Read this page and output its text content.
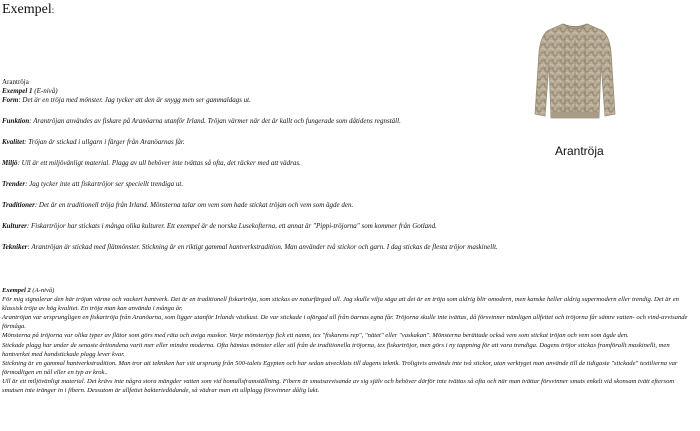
Exempel:

Arantröja

Exempel 1 (E-nivå)

Form: Det är en tröja med mönster. Jag tycker att den är snygg men ser gammaldags ut.

Funktion: Arantröjan användes av fiskare på Aranöarna utanför Irland. Tröjan värmer när det är kallt och fungerade som dåtidens regnställ.

Kvalitet: Tröjan är stickad i ullgarn i färger från Aranöarnas får.

Miljö: Ull är ett miljövänligt material. Plagg av ull behöver inte tvättas så ofta, det räcker med att vädras.

Trender: Jag tycker inte att fiskartröjor ser speciellt trendiga ut.

Traditioner: Det är en traditionell tröja från Irland. Mönsterna talar om vem som hade stickat tröjan och vem som ägde den.

Kulturer: Fiskartröjor har stickats i många olika kulturer. Ett exempel är de norska Lusekofterna, ett annat är "Pippi-tröjorna" som kommer från Gotland.

Tekniker: Arantröjan är stickad med flätmönster. Stickning är en riktigt gammal hantverkstradition. Man använder två stickor och garn. I dag stickas de flesta tröjor maskinellt.

Exempel 2 (A-nivå)

För mig signalerar den här tröjan värme och vackert hantverk. Det är en traditionell fiskartröja, som stickas av naturfärgad ull. Jag skulle vilja säga att det är en tröja som aldrig blir omodern, men kanske heller aldrig supermodern eller trendig. Det är en klassisk tröja av hög kvalitet. En tröja man kan använda i många år.

Arantröjan var ursprungligen en fiskartröja från Aranöarna, som ligger utanför Irlands västkust. De var stickade i ofärgad ull från öarnas egna får. Tröjorna skulle inte tvättas, då försvinner nämligen ullfettet och tröjorna får sämre vatten- och vind-avvisande förmåga.

Mönsterna på tröjorna var olika typer av flätor som görs med räta och aviga maskor. Varje mönstertyp fick ett namn, tex "fiskarens rep", "nätet" eller "vaskakan". Mönsterna berättade också vem som stickat tröjan och vem som ägde den.

Stickade plagg har under de senaste årtiondena varit mer eller mindre moderna. Ofta hämtas mönster eller stil från de traditionella tröjorna, tex fiskartröjor, men görs i ny tappning för att vara trendiga. Dagens tröjor stickas framförallt maskinellt, men hantverket med handstickade plagg lever kvar.

Stickning är en gammal hantverkstradition. Man tror att tekniken har sitt ursprung från 500-talets Egypten och har sedan utvecklats till dagens teknik. Troligtvis används inte två stickor, utan verktyget man använde till de tidigaste "stickade" textilierna var förmodligen en nål eller en typ av krok..

Ull är ett miljövänligt material. Det krävs inte några stora mängder vatten som vid bomullsframställning. Fibern är smutsavvisande av sig själv och behöver därför inte tvättas så ofta och när man tvättar försvinner smuts enkelt vid skonsam tvätt eftersom smutsen inte tränger in i fibern. Dessutom är ullfettet bakteriedödande, så vädrar man ett ullplagg försvinner dålig lukt.

Arantröja
